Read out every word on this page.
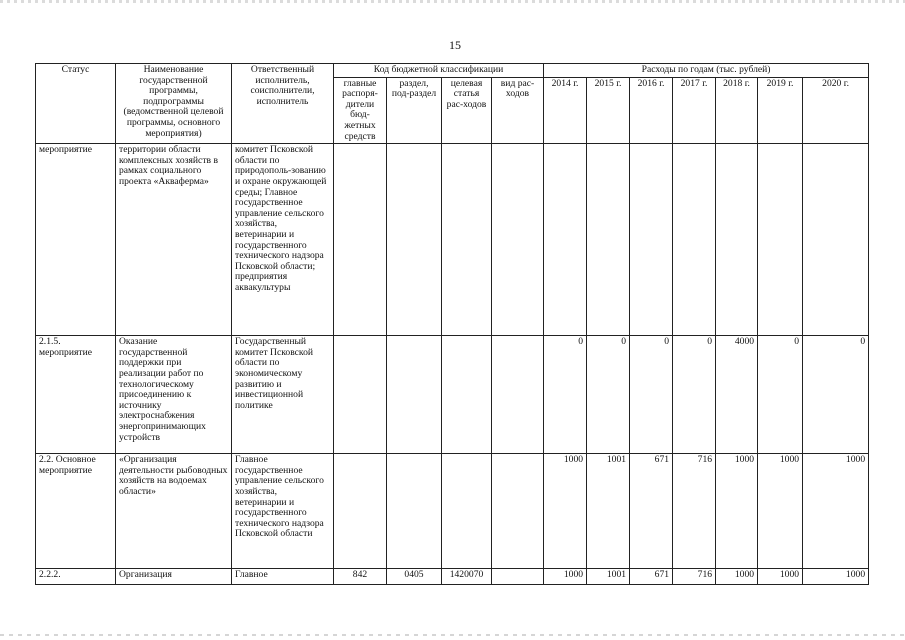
15
Статус	Наименование государственной программы, подпрограммы (ведомственной целевой программы, основного мероприятия)	Ответственный исполнитель, соисполнители, исполнитель	Код бюджетной классификации				Расходы по годам (тыс. рублей)						
			главные распоря-дители бюд-жетных средств	раздел, под-раздел	целевая статья рас-ходов	вид рас-ходов	2014 г.	2015 г.	2016 г.	2017 г.	2018 г.	2019 г.	2020 г.
мероприятие	территории области комплексных хозяйств в рамках социального проекта «Акваферма»	комитет Псковской области по природополь-зованию и охране окружающей среды; Главное государственное управление сельского хозяйства, ветеринарии и государственного технического надзора Псковской области; предприятия аквакультуры											
2.1.5. мероприятие	Оказание государственной поддержки при реализации работ по технологическому присоединению к источнику электроснабжения энергопринимающих устройств	Государственный комитет Псковской области по экономическому развитию и инвестиционной политике					0	0	0	0	4000	0	0
2.2. Основное мероприятие	«Организация деятельности рыбоводных хозяйств на водоемах области»	Главное государственное управление сельского хозяйства, ветеринарии и государственного технического надзора Псковской области					1000	1001	671	716	1000	1000	1000
2.2.2.	Организация	Главное	842	0405	1420070		1000	1001	671	716	1000	1000	1000
